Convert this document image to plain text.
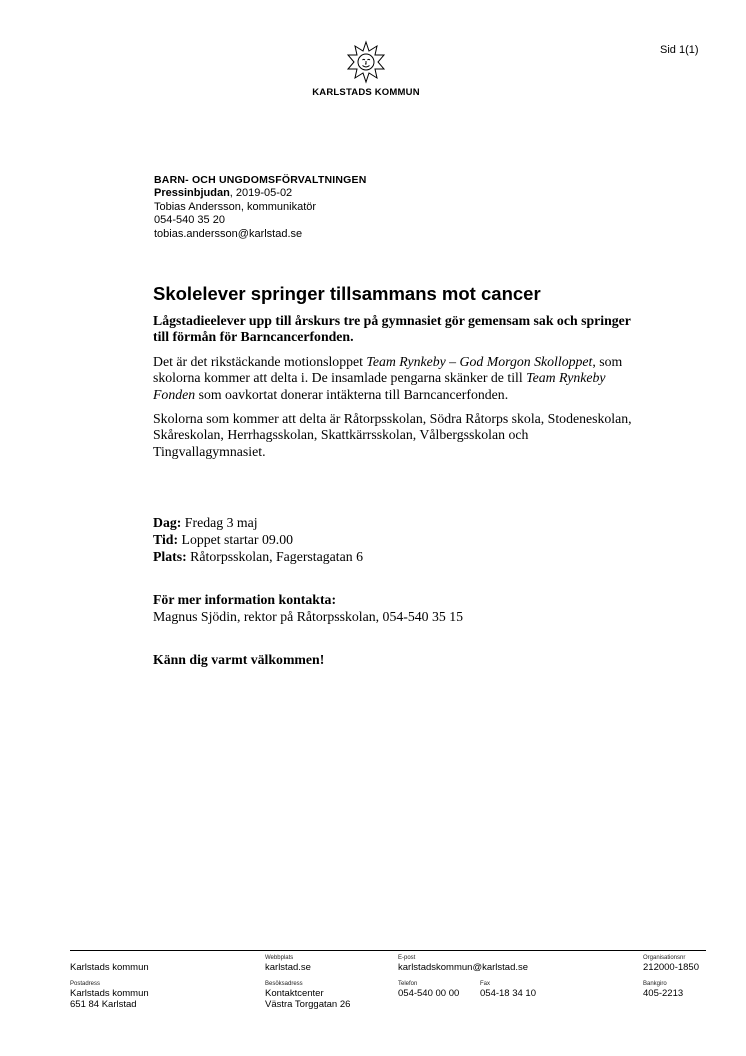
Sid 1(1)
KARLSTADS KOMMUN
BARN- OCH UNGDOMSFÖRVALTNINGEN
Pressinbjudan, 2019-05-02
Tobias Andersson, kommunikatör
054-540 35 20
tobias.andersson@karlstad.se
Skolelever springer tillsammans mot cancer

Lågstadieelever upp till årskurs tre på gymnasiet gör gemensam sak och springer till förmån för Barncancerfonden.

Det är det rikstäckande motionsloppet Team Rynkeby – God Morgon Skolloppet, som skolorna kommer att delta i. De insamlade pengarna skänker de till Team Rynkeby Fonden som oavkortat donerar intäkterna till Barncancerfonden.

Skolorna som kommer att delta är Råtorpsskolan, Södra Råtorps skola, Stodeneskolan, Skåreskolan, Herrhagsskolan, Skattkärrsskolan, Vålbergsskolan och Tingvallagymnasiet.

Dag: Fredag 3 maj
Tid: Loppet startar 09.00
Plats: Råtorpsskolan, Fagerstagatan 6
För mer information kontakta:
Magnus Sjödin, rektor på Råtorpsskolan, 054-540 35 15
Känn dig varmt välkommen!
Karlstads kommun
Webbplats
karlstad.se
E-post
karlstadskommun@karlstad.se
Organisationsnr
212000-1850
Postadress
Karlstads kommun
651 84 Karlstad
Besöksadress
Kontaktcenter
Västra Torggatan 26
Telefon
054-540 00 00
Fax
054-18 34 10
Bankgiro
405-2213
